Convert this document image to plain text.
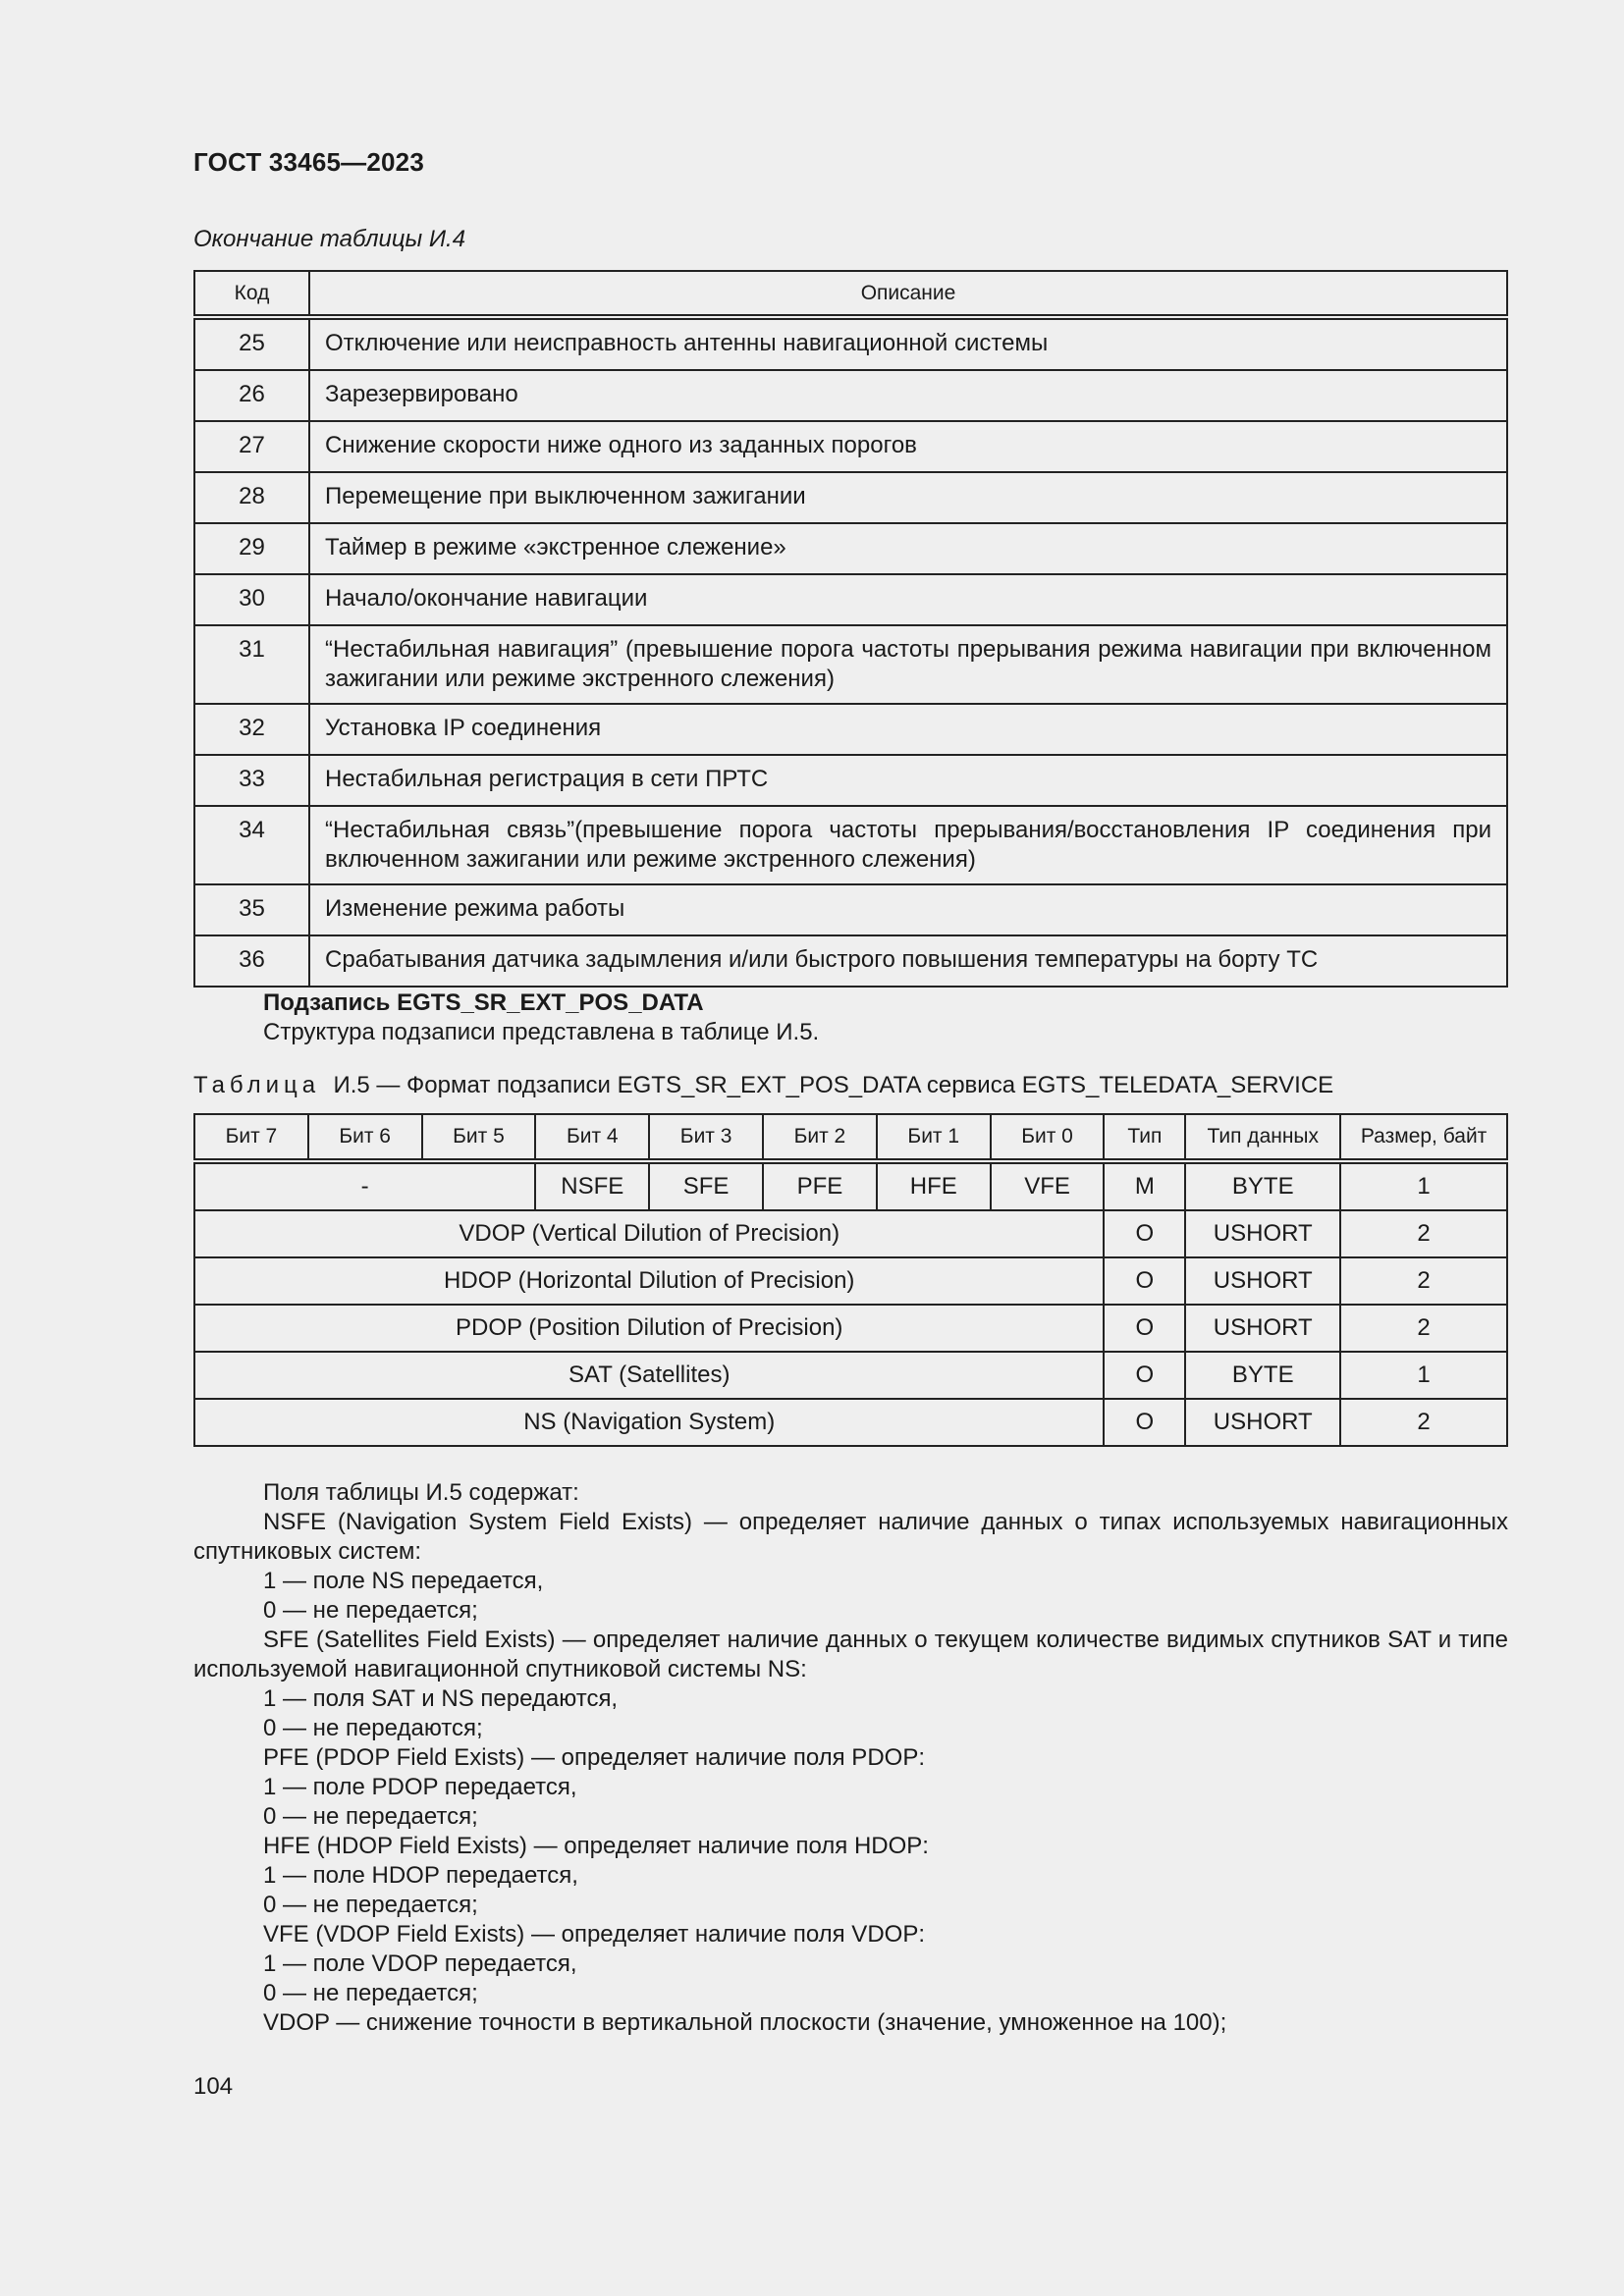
ГОСТ 33465—2023
Окончание таблицы И.4
Код	Описание
25	Отключение или неисправность антенны навигационной системы
26	Зарезервировано
27	Снижение скорости ниже одного из заданных порогов
28	Перемещение при выключенном зажигании
29	Таймер в режиме «экстренное слежение»
30	Начало/окончание навигации
31	“Нестабильная навигация” (превышение порога частоты прерывания режима навигации при включенном зажигании или режиме экстренного слежения)
32	Установка IP соединения
33	Нестабильная регистрация в сети ПРТС
34	“Нестабильная связь”(превышение порога частоты прерывания/восстановления IP соединения при включенном зажигании или режиме экстренного слежения)
35	Изменение режима работы
36	Срабатывания датчика задымления и/или быстрого повышения температуры на борту ТС
Подзапись EGTS_SR_EXT_POS_DATA
Структура подзаписи представлена в таблице И.5.
Таблица И.5 — Формат подзаписи EGTS_SR_EXT_POS_DATA сервиса EGTS_TELEDATA_SERVICE
Бит 7	Бит 6	Бит 5	Бит 4	Бит 3	Бит 2	Бит 1	Бит 0	Тип	Тип данных	Размер, байт
-			NSFE	SFE	PFE	HFE	VFE	M	BYTE	1
VDOP (Vertical Dilution of Precision)								O	USHORT	2
HDOP (Horizontal Dilution of Precision)								O	USHORT	2
PDOP (Position Dilution of Precision)								O	USHORT	2
SAT (Satellites)								O	BYTE	1
NS (Navigation System)								O	USHORT	2

Поля таблицы И.5 содержат:

NSFE (Navigation System Field Exists) — определяет наличие данных о типах используемых навигационных спутниковых систем:

1 — поле NS передается,

0 — не передается;

SFE (Satellites Field Exists) — определяет наличие данных о текущем количестве видимых спутников SAT и типе используемой навигационной спутниковой системы NS:

1 — поля SAT и NS передаются,

0 — не передаются;

PFE (PDOP Field Exists) — определяет наличие поля PDOP:

1 — поле PDOP передается,

0 — не передается;

HFE (HDOP Field Exists) — определяет наличие поля HDOP:

1 — поле HDOP передается,

0 — не передается;

VFE (VDOP Field Exists) — определяет наличие поля VDOP:

1 — поле VDOP передается,

0 — не передается;

VDOP — снижение точности в вертикальной плоскости (значение, умноженное на 100);

104
